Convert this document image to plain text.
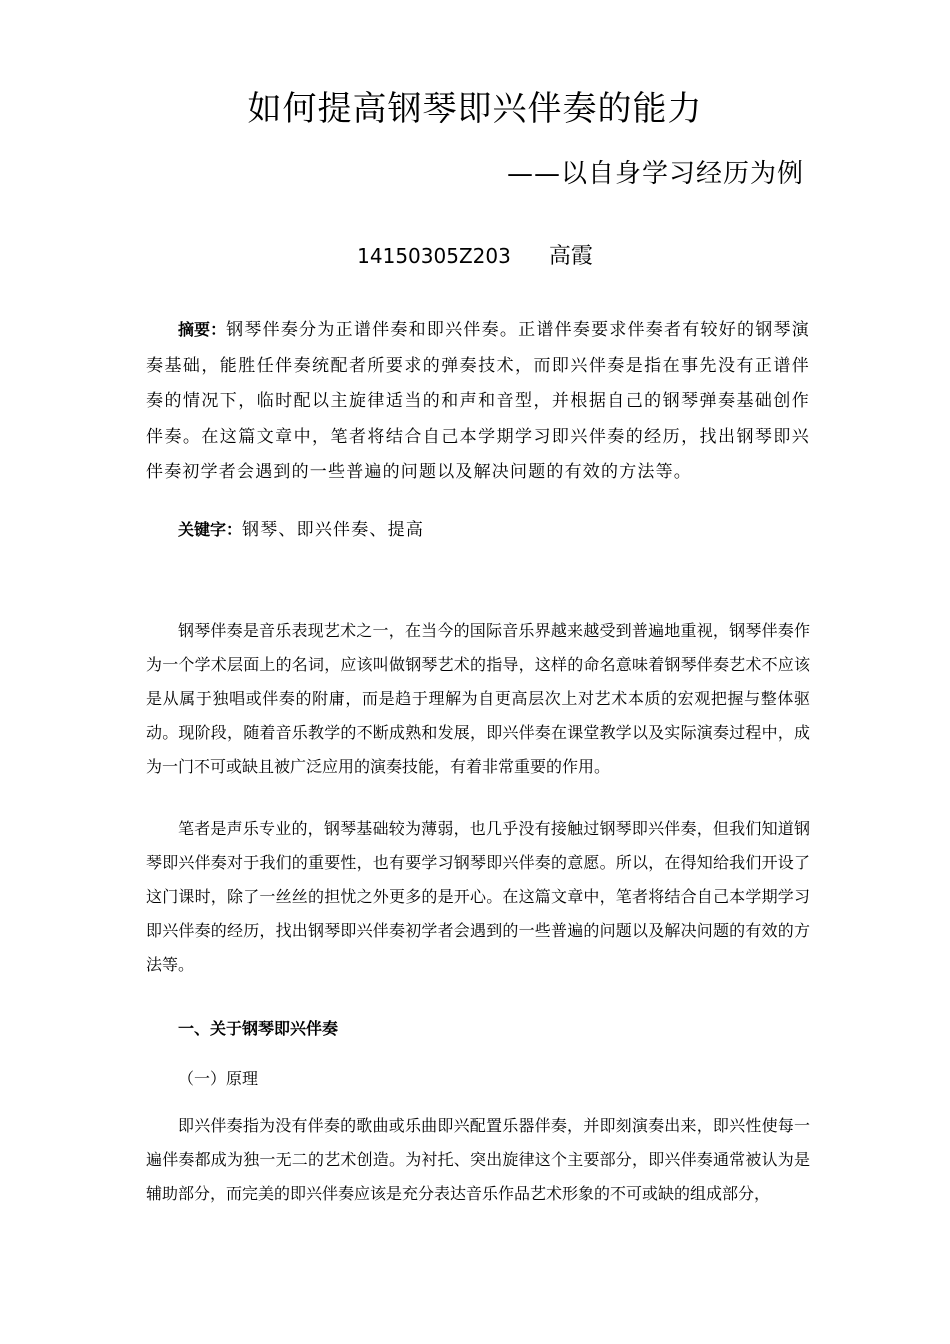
如何提高钢琴即兴伴奏的能力
——以自身学习经历为例
14150305Z203 高霞
摘要：钢琴伴奏分为正谱伴奏和即兴伴奏。正谱伴奏要求伴奏者有较好的钢琴演奏基础，能胜任伴奏统配者所要求的弹奏技术，而即兴伴奏是指在事先没有正谱伴奏的情况下，临时配以主旋律适当的和声和音型，并根据自己的钢琴弹奏基础创作伴奏。在这篇文章中，笔者将结合自己本学期学习即兴伴奏的经历，找出钢琴即兴伴奏初学者会遇到的一些普遍的问题以及解决问题的有效的方法等。
关键字：钢琴、即兴伴奏、提高
钢琴伴奏是音乐表现艺术之一，在当今的国际音乐界越来越受到普遍地重视，钢琴伴奏作为一个学术层面上的名词，应该叫做钢琴艺术的指导，这样的命名意味着钢琴伴奏艺术不应该是从属于独唱或伴奏的附庸，而是趋于理解为自更高层次上对艺术本质的宏观把握与整体驱动。现阶段，随着音乐教学的不断成熟和发展，即兴伴奏在课堂教学以及实际演奏过程中，成为一门不可或缺且被广泛应用的演奏技能，有着非常重要的作用。
笔者是声乐专业的，钢琴基础较为薄弱，也几乎没有接触过钢琴即兴伴奏，但我们知道钢琴即兴伴奏对于我们的重要性，也有要学习钢琴即兴伴奏的意愿。所以，在得知给我们开设了这门课时，除了一丝丝的担忧之外更多的是开心。在这篇文章中，笔者将结合自己本学期学习即兴伴奏的经历，找出钢琴即兴伴奏初学者会遇到的一些普遍的问题以及解决问题的有效的方法等。
一、关于钢琴即兴伴奏
（一）原理
即兴伴奏指为没有伴奏的歌曲或乐曲即兴配置乐器伴奏，并即刻演奏出来，即兴性使每一遍伴奏都成为独一无二的艺术创造。为衬托、突出旋律这个主要部分，即兴伴奏通常被认为是辅助部分，而完美的即兴伴奏应该是充分表达音乐作品艺术形象的不可或缺的组成部分，
